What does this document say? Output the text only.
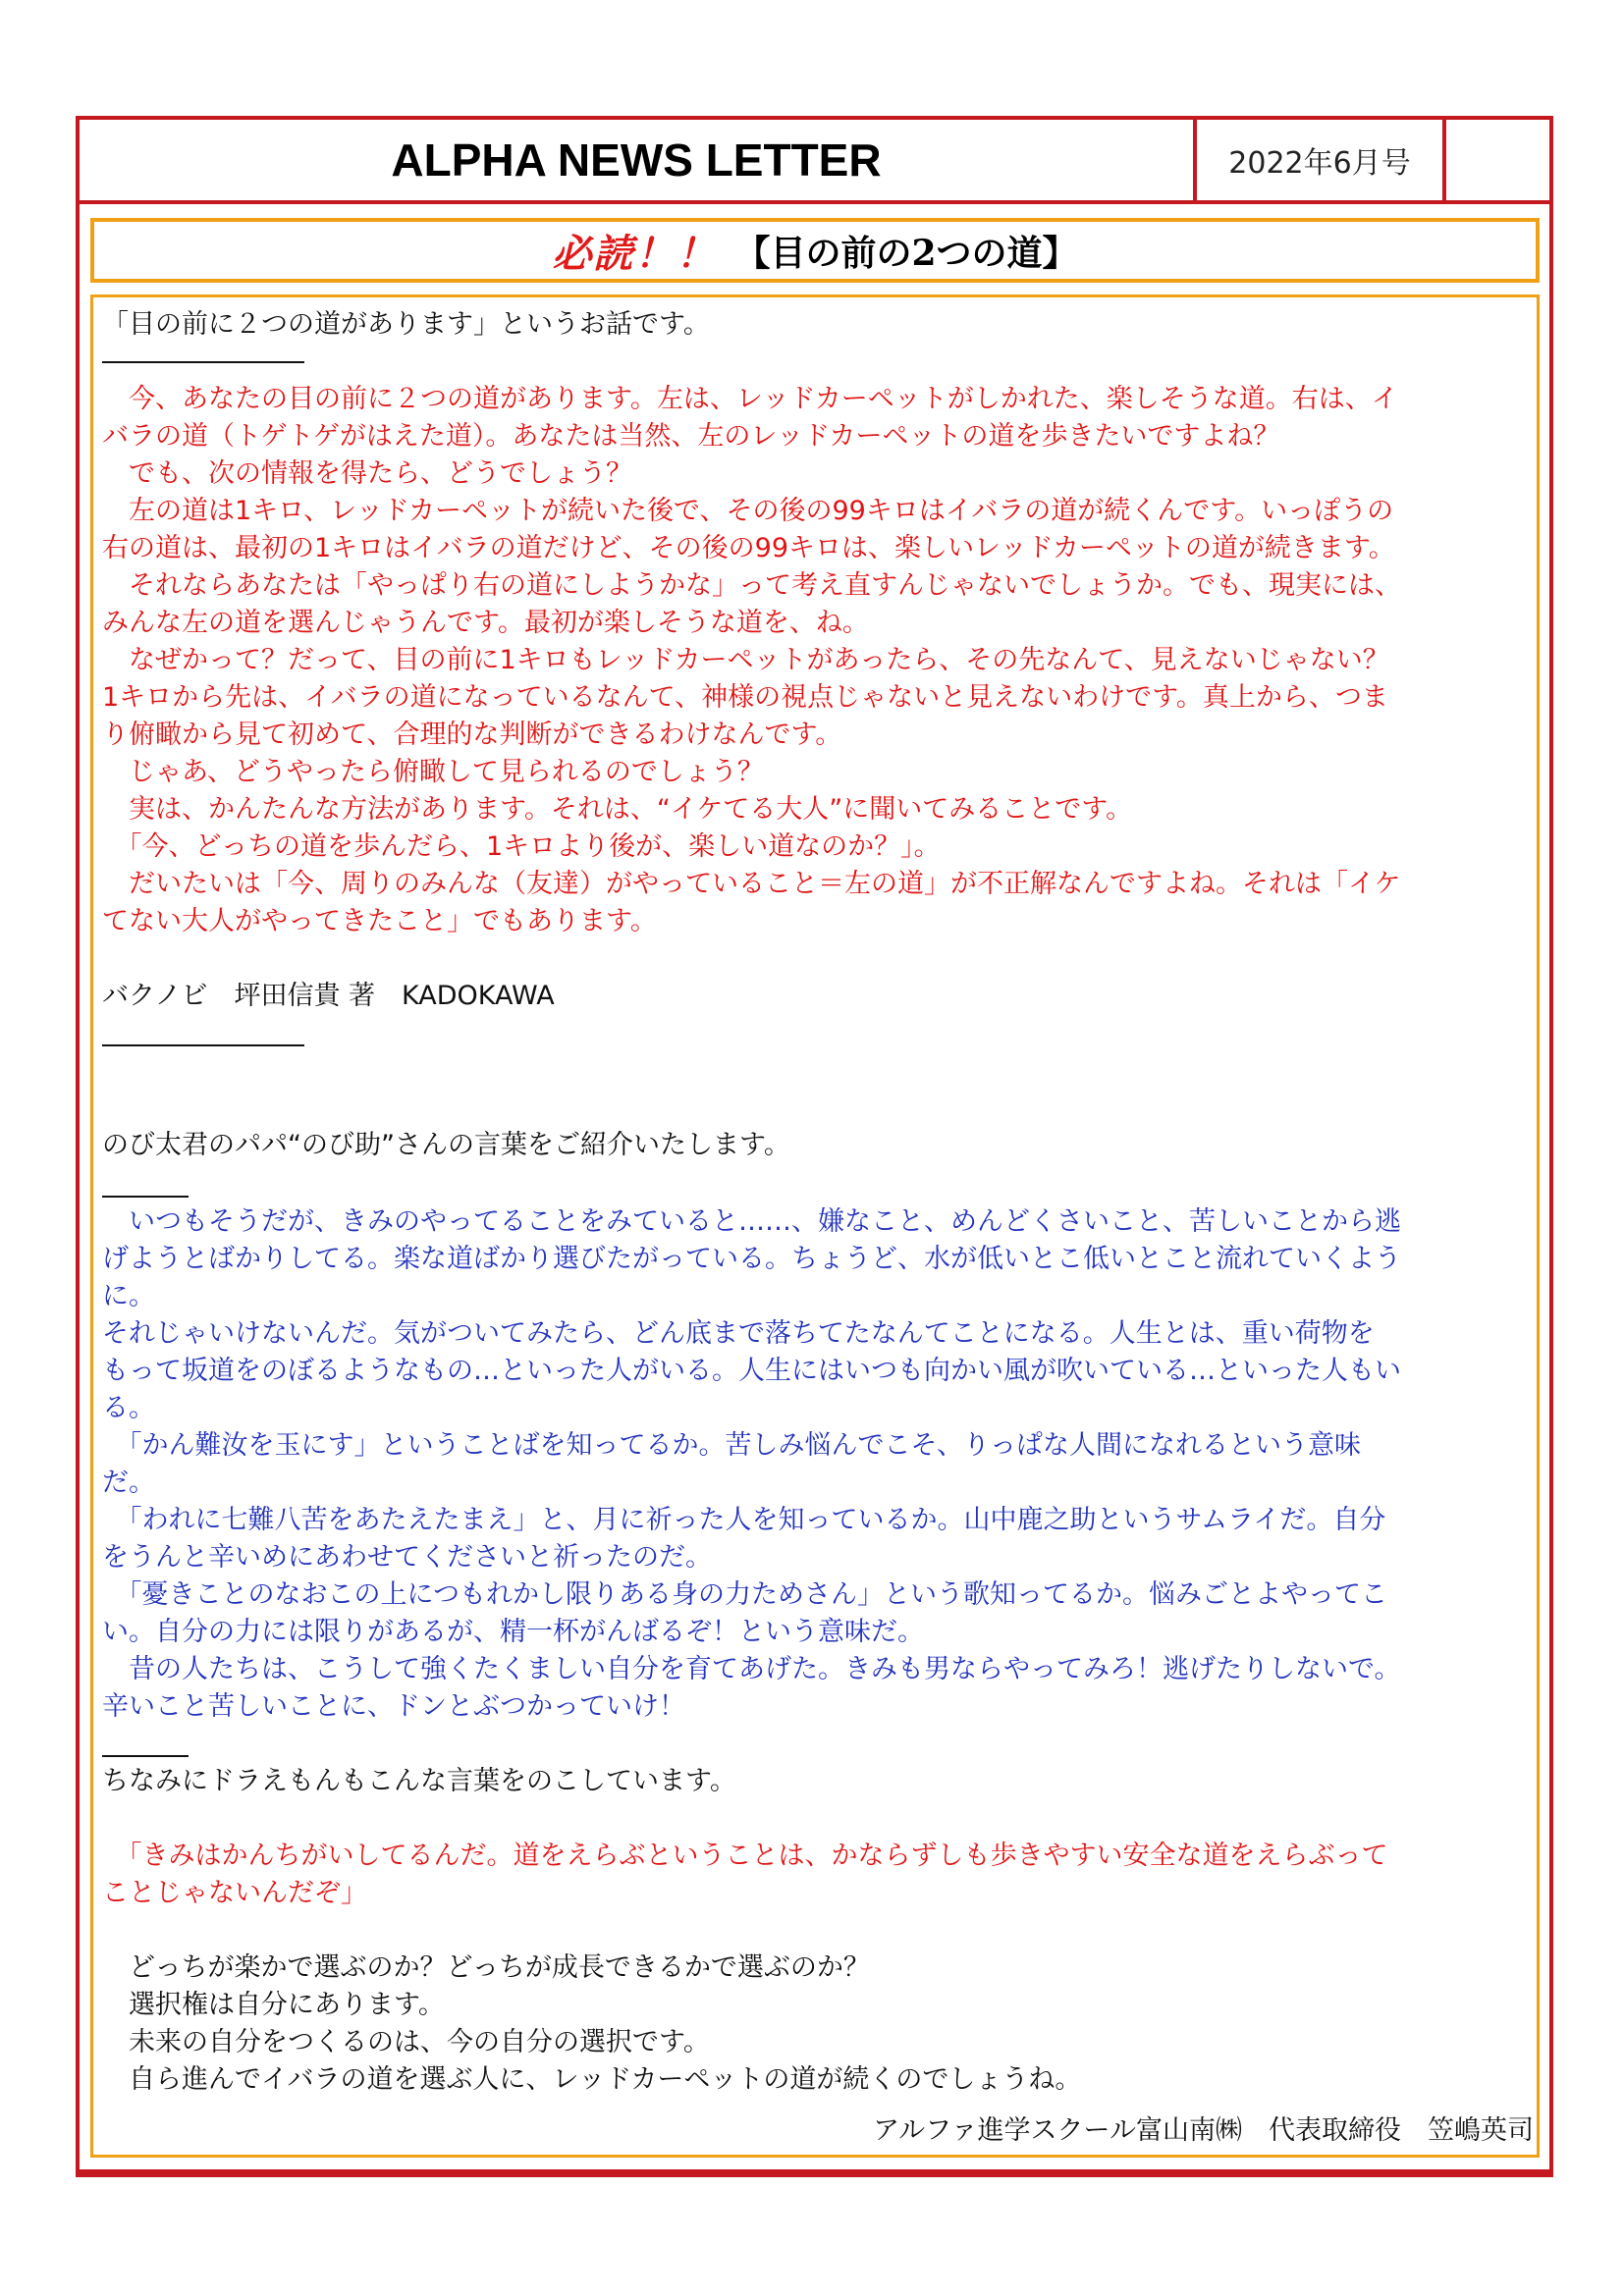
ALPHA NEWS LETTER	2022年6月号
必読！！ 【目の前の2つの道】
「目の前に２つの道があります」というお話です。
　今、あなたの目の前に２つの道があります。左は、レッドカーペットがしかれた、楽しそうな道。右は、イ
バラの道（トゲトゲがはえた道）。あなたは当然、左のレッドカーペットの道を歩きたいですよね？
　でも、次の情報を得たら、どうでしょう？
　左の道は1キロ、レッドカーペットが続いた後で、その後の99キロはイバラの道が続くんです。いっぽうの
右の道は、最初の1キロはイバラの道だけど、その後の99キロは、楽しいレッドカーペットの道が続きます。
　それならあなたは「やっぱり右の道にしようかな」って考え直すんじゃないでしょうか。でも、現実には、
みんな左の道を選んじゃうんです。最初が楽しそうな道を、ね。
　なぜかって？だって、目の前に1キロもレッドカーペットがあったら、その先なんて、見えないじゃない？
1キロから先は、イバラの道になっているなんて、神様の視点じゃないと見えないわけです。真上から、つま
り俯瞰から見て初めて、合理的な判断ができるわけなんです。
　じゃあ、どうやったら俯瞰して見られるのでしょう？
　実は、かんたんな方法があります。それは、“イケてる大人”に聞いてみることです。
　「今、どっちの道を歩んだら、1キロより後が、楽しい道なのか？」。
　だいたいは「今、周りのみんな（友達）がやっていること＝左の道」が不正解なんですよね。それは「イケ
てない大人がやってきたこと」でもあります。
バクノビ　坪田信貴 著　KADOKAWA
のび太君のパパ“のび助”さんの言葉をご紹介いたします。
　いつもそうだが、きみのやってることをみていると……、嫌なこと、めんどくさいこと、苦しいことから逃
げようとばかりしてる。楽な道ばかり選びたがっている。ちょうど、水が低いとこ低いとこと流れていくよう
に。
それじゃいけないんだ。気がついてみたら、どん底まで落ちてたなんてことになる。人生とは、重い荷物を
もって坂道をのぼるようなもの…といった人がいる。人生にはいつも向かい風が吹いている…といった人もい
る。
　「かん難汝を玉にす」ということばを知ってるか。苦しみ悩んでこそ、りっぱな人間になれるという意味
だ。
　「われに七難八苦をあたえたまえ」と、月に祈った人を知っているか。山中鹿之助というサムライだ。自分
をうんと辛いめにあわせてくださいと祈ったのだ。
　「憂きことのなおこの上につもれかし限りある身の力ためさん」という歌知ってるか。悩みごとよやってこ
い。自分の力には限りがあるが、精一杯がんばるぞ！という意味だ。
　昔の人たちは、こうして強くたくましい自分を育てあげた。きみも男ならやってみろ！逃げたりしないで。
辛いこと苦しいことに、ドンとぶつかっていけ！
ちなみにドラえもんもこんな言葉をのこしています。
　「きみはかんちがいしてるんだ。道をえらぶということは、かならずしも歩きやすい安全な道をえらぶって
ことじゃないんだぞ」
　どっちが楽かで選ぶのか？どっちが成長できるかで選ぶのか？
　選択権は自分にあります。
　未来の自分をつくるのは、今の自分の選択です。
　自ら進んでイバラの道を選ぶ人に、レッドカーペットの道が続くのでしょうね。
アルファ進学スクール富山南㈱　代表取締役　笠嶋英司
